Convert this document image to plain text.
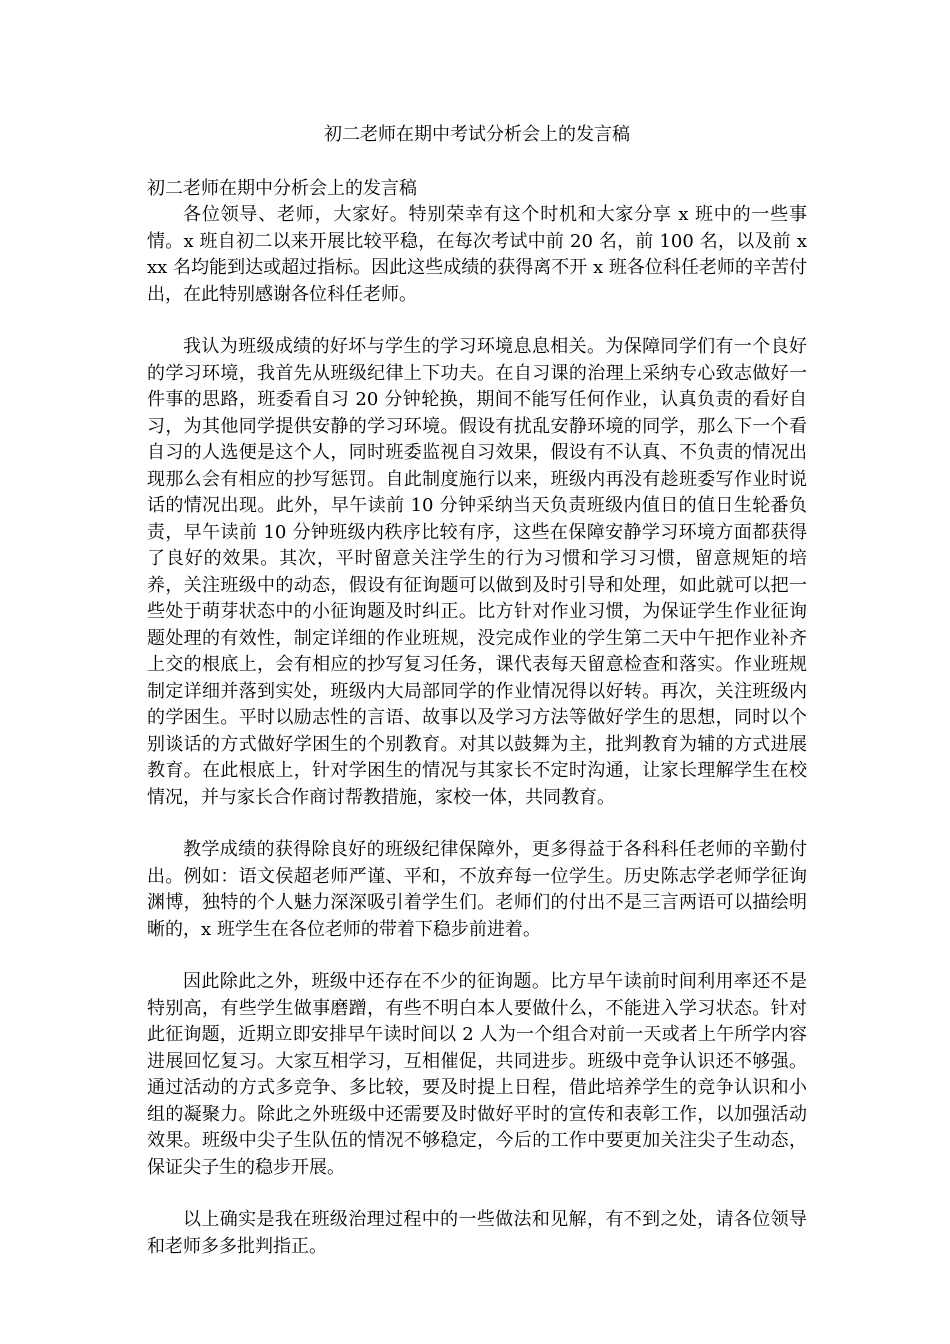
初二老师在期中考试分析会上的发言稿

初二老师在期中分析会上的发言稿

各位领导、老师，大家好。特别荣幸有这个时机和大家分享 x 班中的一些事情。x 班自初二以来开展比较平稳，在每次考试中前 20 名，前 100 名，以及前 xxx 名均能到达或超过指标。因此这些成绩的获得离不开 x 班各位科任老师的辛苦付出，在此特别感谢各位科任老师。

我认为班级成绩的好坏与学生的学习环境息息相关。为保障同学们有一个良好的学习环境，我首先从班级纪律上下功夫。在自习课的治理上采纳专心致志做好一件事的思路，班委看自习 20 分钟轮换，期间不能写任何作业，认真负责的看好自习，为其他同学提供安静的学习环境。假设有扰乱安静环境的同学，那么下一个看自习的人选便是这个人，同时班委监视自习效果，假设有不认真、不负责的情况出现那么会有相应的抄写惩罚。自此制度施行以来，班级内再没有趁班委写作业时说话的情况出现。此外，早午读前 10 分钟采纳当天负责班级内值日的值日生轮番负责，早午读前 10 分钟班级内秩序比较有序，这些在保障安静学习环境方面都获得了良好的效果。其次，平时留意关注学生的行为习惯和学习习惯，留意规矩的培养，关注班级中的动态，假设有征询题可以做到及时引导和处理，如此就可以把一些处于萌芽状态中的小征询题及时纠正。比方针对作业习惯，为保证学生作业征询题处理的有效性，制定详细的作业班规，没完成作业的学生第二天中午把作业补齐上交的根底上，会有相应的抄写复习任务，课代表每天留意检查和落实。作业班规制定详细并落到实处，班级内大局部同学的作业情况得以好转。再次，关注班级内的学困生。平时以励志性的言语、故事以及学习方法等做好学生的思想，同时以个别谈话的方式做好学困生的个别教育。对其以鼓舞为主，批判教育为辅的方式进展教育。在此根底上，针对学困生的情况与其家长不定时沟通，让家长理解学生在校情况，并与家长合作商讨帮教措施，家校一体，共同教育。

教学成绩的获得除良好的班级纪律保障外，更多得益于各科科任老师的辛勤付出。例如：语文侯超老师严谨、平和，不放弃每一位学生。历史陈志学老师学征询渊博，独特的个人魅力深深吸引着学生们。老师们的付出不是三言两语可以描绘明晰的，x 班学生在各位老师的带着下稳步前进着。

因此除此之外，班级中还存在不少的征询题。比方早午读前时间利用率还不是特别高，有些学生做事磨蹭，有些不明白本人要做什么，不能进入学习状态。针对此征询题，近期立即安排早午读时间以 2 人为一个组合对前一天或者上午所学内容进展回忆复习。大家互相学习，互相催促，共同进步。班级中竞争认识还不够强。通过活动的方式多竞争、多比较，要及时提上日程，借此培养学生的竞争认识和小组的凝聚力。除此之外班级中还需要及时做好平时的宣传和表彰工作，以加强活动效果。班级中尖子生队伍的情况不够稳定，今后的工作中要更加关注尖子生动态，保证尖子生的稳步开展。

以上确实是我在班级治理过程中的一些做法和见解，有不到之处，请各位领导和老师多多批判指正。
